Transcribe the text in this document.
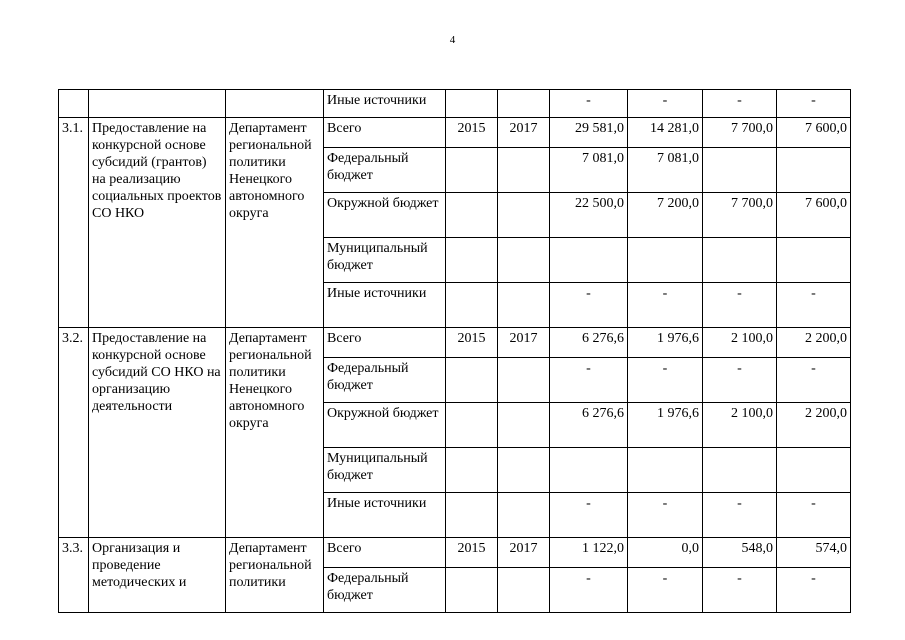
4
			Иные источники			-	-	-	-
3.1.	Предоставление на конкурсной основе субсидий (грантов) на реализацию социальных проектов СО НКО	Департамент региональной политики Ненецкого автономного округа	Всего	2015	2017	29 581,0	14 281,0	7 700,0	7 600,0
			Федеральный бюджет			7 081,0	7 081,0		
			Окружной бюджет			22 500,0	7 200,0	7 700,0	7 600,0
			Муниципальный бюджет						
			Иные источники			-	-	-	-
3.2.	Предоставление на конкурсной основе субсидий СО НКО на организацию деятельности	Департамент региональной политики Ненецкого автономного округа	Всего	2015	2017	6 276,6	1 976,6	2 100,0	2 200,0
			Федеральный бюджет			-	-	-	-
			Окружной бюджет			6 276,6	1 976,6	2 100,0	2 200,0
			Муниципальный бюджет						
			Иные источники			-	-	-	-
3.3.	Организация и проведение методических и	Департамент региональной политики	Всего	2015	2017	1 122,0	0,0	548,0	574,0
			Федеральный бюджет			-	-	-	-
